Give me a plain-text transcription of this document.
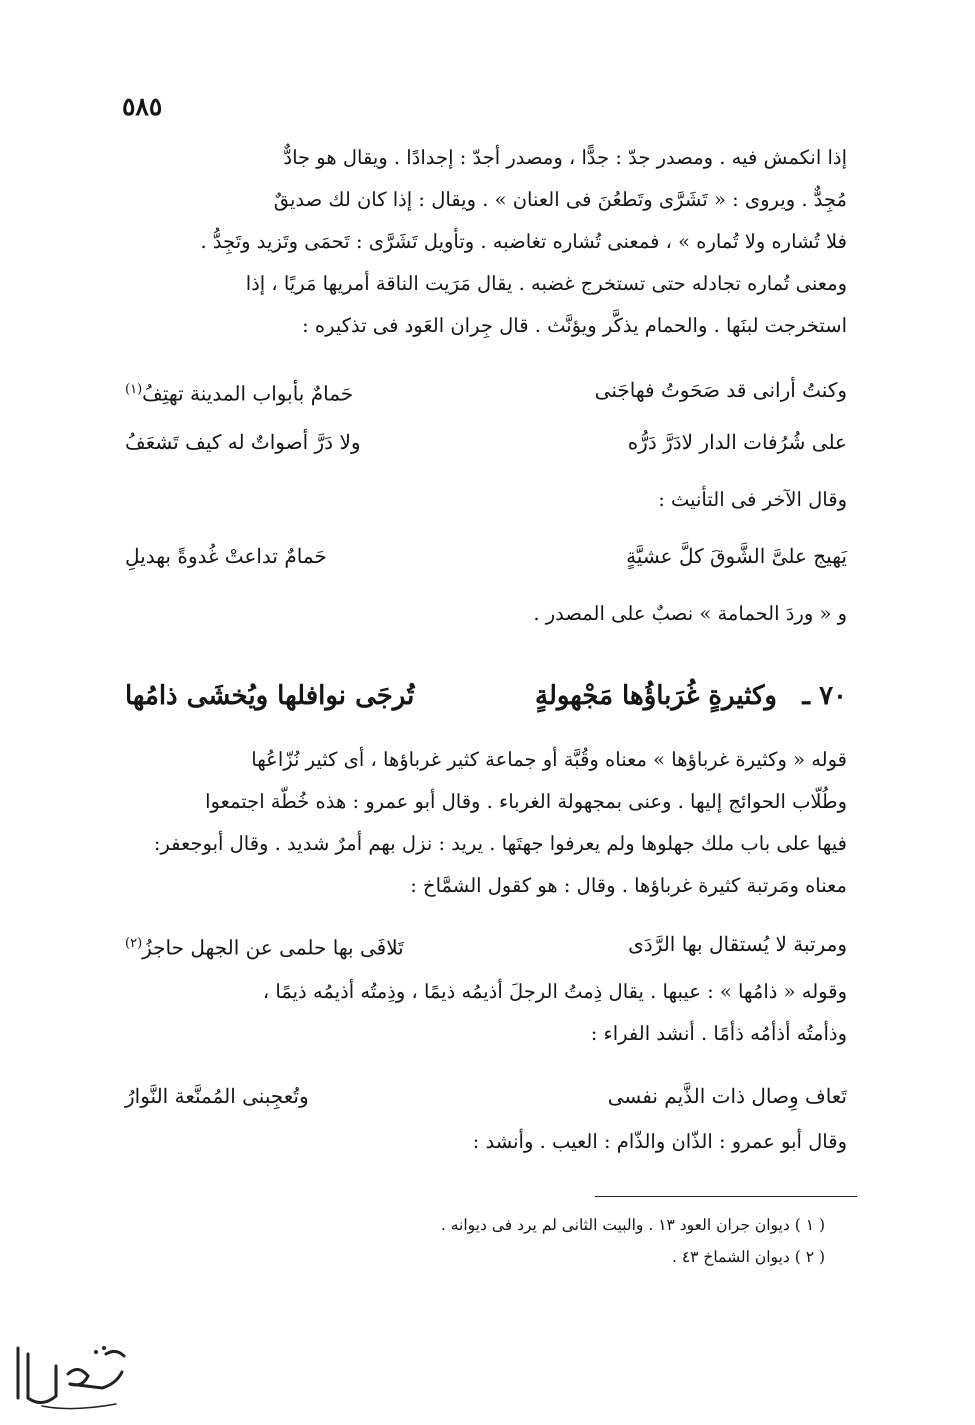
٥٨٥
إذا انكمش فيه . ومصدر جدّ : جدًّا ، ومصدر أجدّ : إجدادًا . ويقال هو جادٌّ
مُجِدٌّ . ويروى : « تَشَرَّى وتَطعُنَ فى العنان » . ويقال : إذا كان لك صديقٌ
فلا تُشاره ولا تُماره » ، فمعنى تُشاره تغاضبه . وتأويل تَشَرَّى : تَحمَى وتَزيد وتَجِدُّ .
ومعنى تُماره تجادله حتى تستخرج غضبه . يقال مَرَيت الناقة أمريها مَريًا ، إذا
استخرجت لبنَها . والحمام يذكَّر ويؤنَّث . قال جِران العَود فى تذكيره :
وكنتُ أرانى قد صَحَوتُ فهاجَنى
حَمامٌ بأبواب المدينة تهتِفُ$^{(١)}$
على شُرُفات الدار لادَرَّ دَرُّه
ولا دَرَّ أصواتٌ له كيف تَشعَفُ
وقال الآخر فى التأنيث :
يَهيج علىَّ الشَّوقَ كلَّ عشيَّةٍ
حَمامٌ تداعتْ غُدوةً بهديلِ
و « وردَ الحمامة » نصبٌ على المصدر .
٧٠ ـ
وكثيرةٍ غُرَباؤُها مَجْهولةٍ
تُرجَى نوافلها ويُخشَى ذامُها
قوله « وكثيرة غرباؤها » معناه وقُبَّة أو جماعة كثير غرباؤها ، أى كثير نُزّاعُها
وطُلّاب الحوائج إليها . وعنى بمجهولة الغرباء . وقال أبو عمرو : هذه خُطّة اجتمعوا
فيها على باب ملك جهلوها ولم يعرفوا جهتَها . يريد : نزل بهم أمرٌ شديد . وقال أبوجعفر:
معناه ومَرتبة كثيرة غرباؤها . وقال : هو كقول الشمَّاخ :
ومرتبة لا يُستقال بها الرَّدَى
تَلافَى بها حلمى عن الجهل حاجزُ$^{(٢)}$
وقوله « ذامُها » : عيبها . يقال ذِمتُ الرجلَ أذيمُه ذيمًا ، وذِمتُه أذيمُه ذيمًا ،
وذأمتُه أذأمُه ذأمًا . أنشد الفراء :
تَعاف وِصال ذات الذَّيم نفسى
وتُعجِبنى المُمنَّعة النَّوارُ
وقال أبو عمرو : الذّان والذّام : العيب . وأنشد :
( ١ ) ديوان جران العود ١٣ . والبيت الثانى لم يرد فى ديوانه .
( ٢ ) ديوان الشماخ ٤٣ .
